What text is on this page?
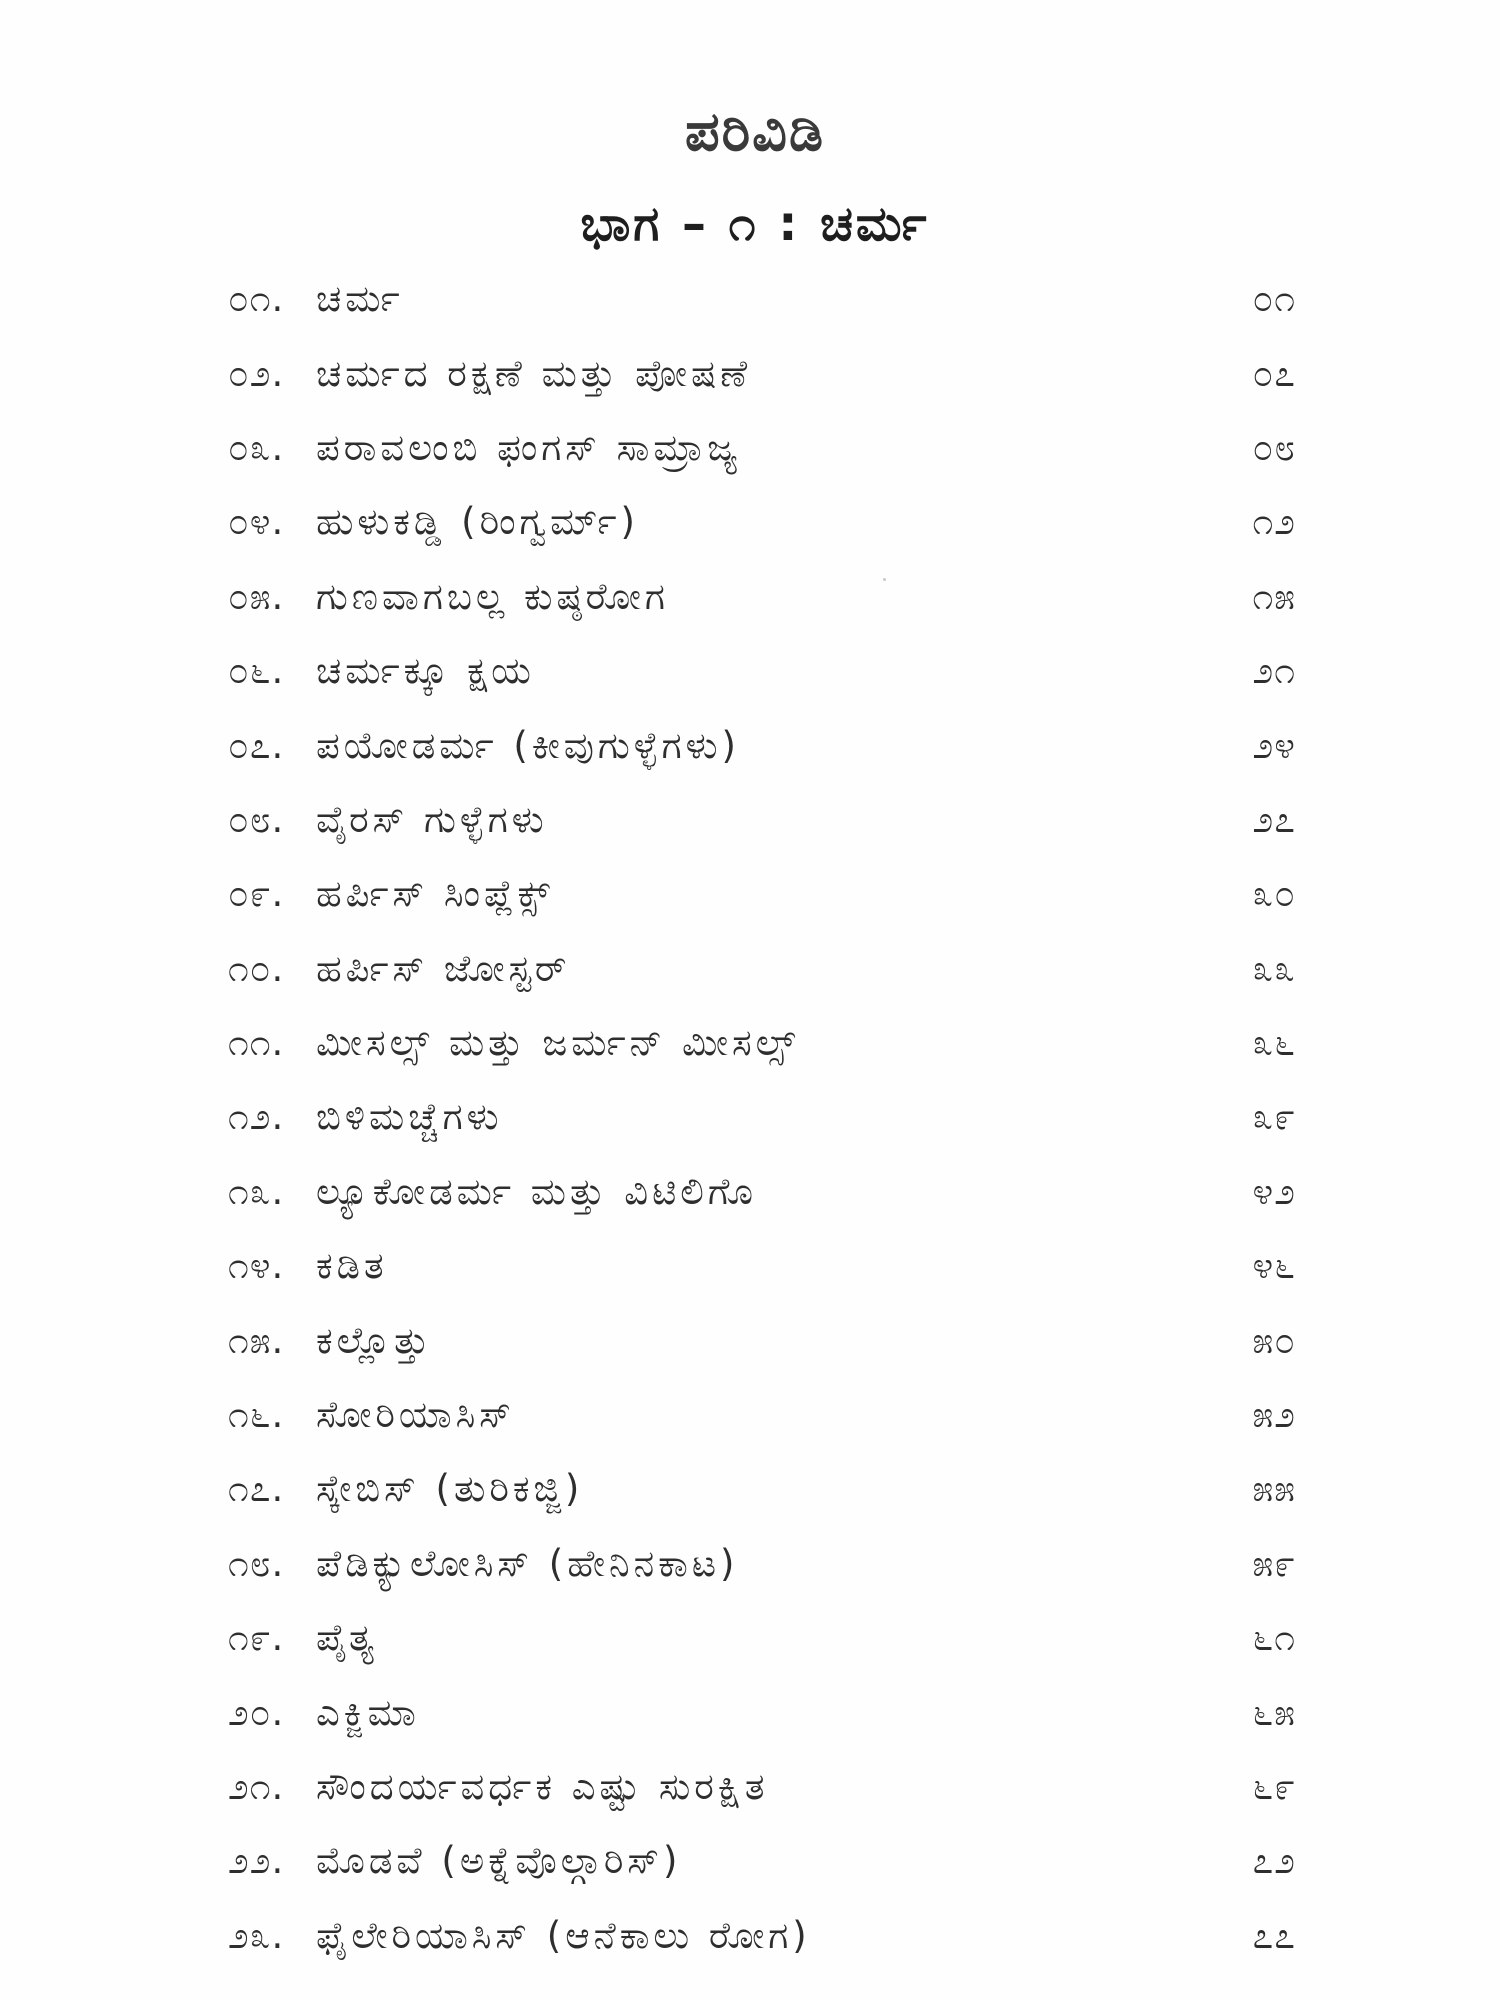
ಪರಿವಿಡಿ
ಭಾಗ – ೧ : ಚರ್ಮ
೦೧. ಚರ್ಮ	೦೧
೦೨. ಚರ್ಮದ ರಕ್ಷಣೆ ಮತ್ತು ಪೋಷಣೆ	೦೭
೦೩. ಪರಾವಲಂಬಿ ಫಂಗಸ್ ಸಾಮ್ರಾಜ್ಯ	೦೮
೦೪. ಹುಳುಕಡ್ಡಿ (ರಿಂಗ್ವರ್ಮ್)	೧೨
೦೫. ಗುಣವಾಗಬಲ್ಲ ಕುಷ್ಠರೋಗ	೧೫
೦೬. ಚರ್ಮಕ್ಕೂ ಕ್ಷಯ	೨೧
೦೭. ಪಯೋಡರ್ಮ (ಕೀವುಗುಳ್ಳೆಗಳು)	೨೪
೦೮. ವೈರಸ್ ಗುಳ್ಳೆಗಳು	೨೭
೦೯. ಹರ್ಪಿಸ್ ಸಿಂಪ್ಲೆಕ್ಸ್	೩೦
೧೦. ಹರ್ಪಿಸ್ ಜೋಸ್ಟರ್	೩೩
೧೧. ಮೀಸಲ್ಸ್ ಮತ್ತು ಜರ್ಮನ್ ಮೀಸಲ್ಸ್	೩೬
೧೨. ಬಿಳಿಮಚ್ಚೆಗಳು	೩೯
೧೩. ಲ್ಯೂಕೋಡರ್ಮ ಮತ್ತು ವಿಟಿಲಿಗೊ	೪೨
೧೪. ಕಡಿತ	೪೬
೧೫. ಕಲ್ಲೊತ್ತು	೫೦
೧೬. ಸೋರಿಯಾಸಿಸ್	೫೨
೧೭. ಸ್ಕೇಬಿಸ್ (ತುರಿಕಜ್ಜಿ)	೫೫
೧೮. ಪೆಡಿಕ್ಯುಲೋಸಿಸ್ (ಹೇನಿನಕಾಟ)	೫೯
೧೯. ಪೈತ್ಯ	೬೧
೨೦. ಎಕ್ಜಿಮಾ	೬೫
೨೧. ಸೌಂದರ್ಯವರ್ಧಕ ಎಷ್ಟು ಸುರಕ್ಷಿತ	೬೯
೨೨. ಮೊಡವೆ (ಅಕ್ನೆವೊಲ್ಗಾರಿಸ್)	೭೨
೨೩. ಫೈಲೇರಿಯಾಸಿಸ್ (ಆನೆಕಾಲು ರೋಗ)	೭೭
